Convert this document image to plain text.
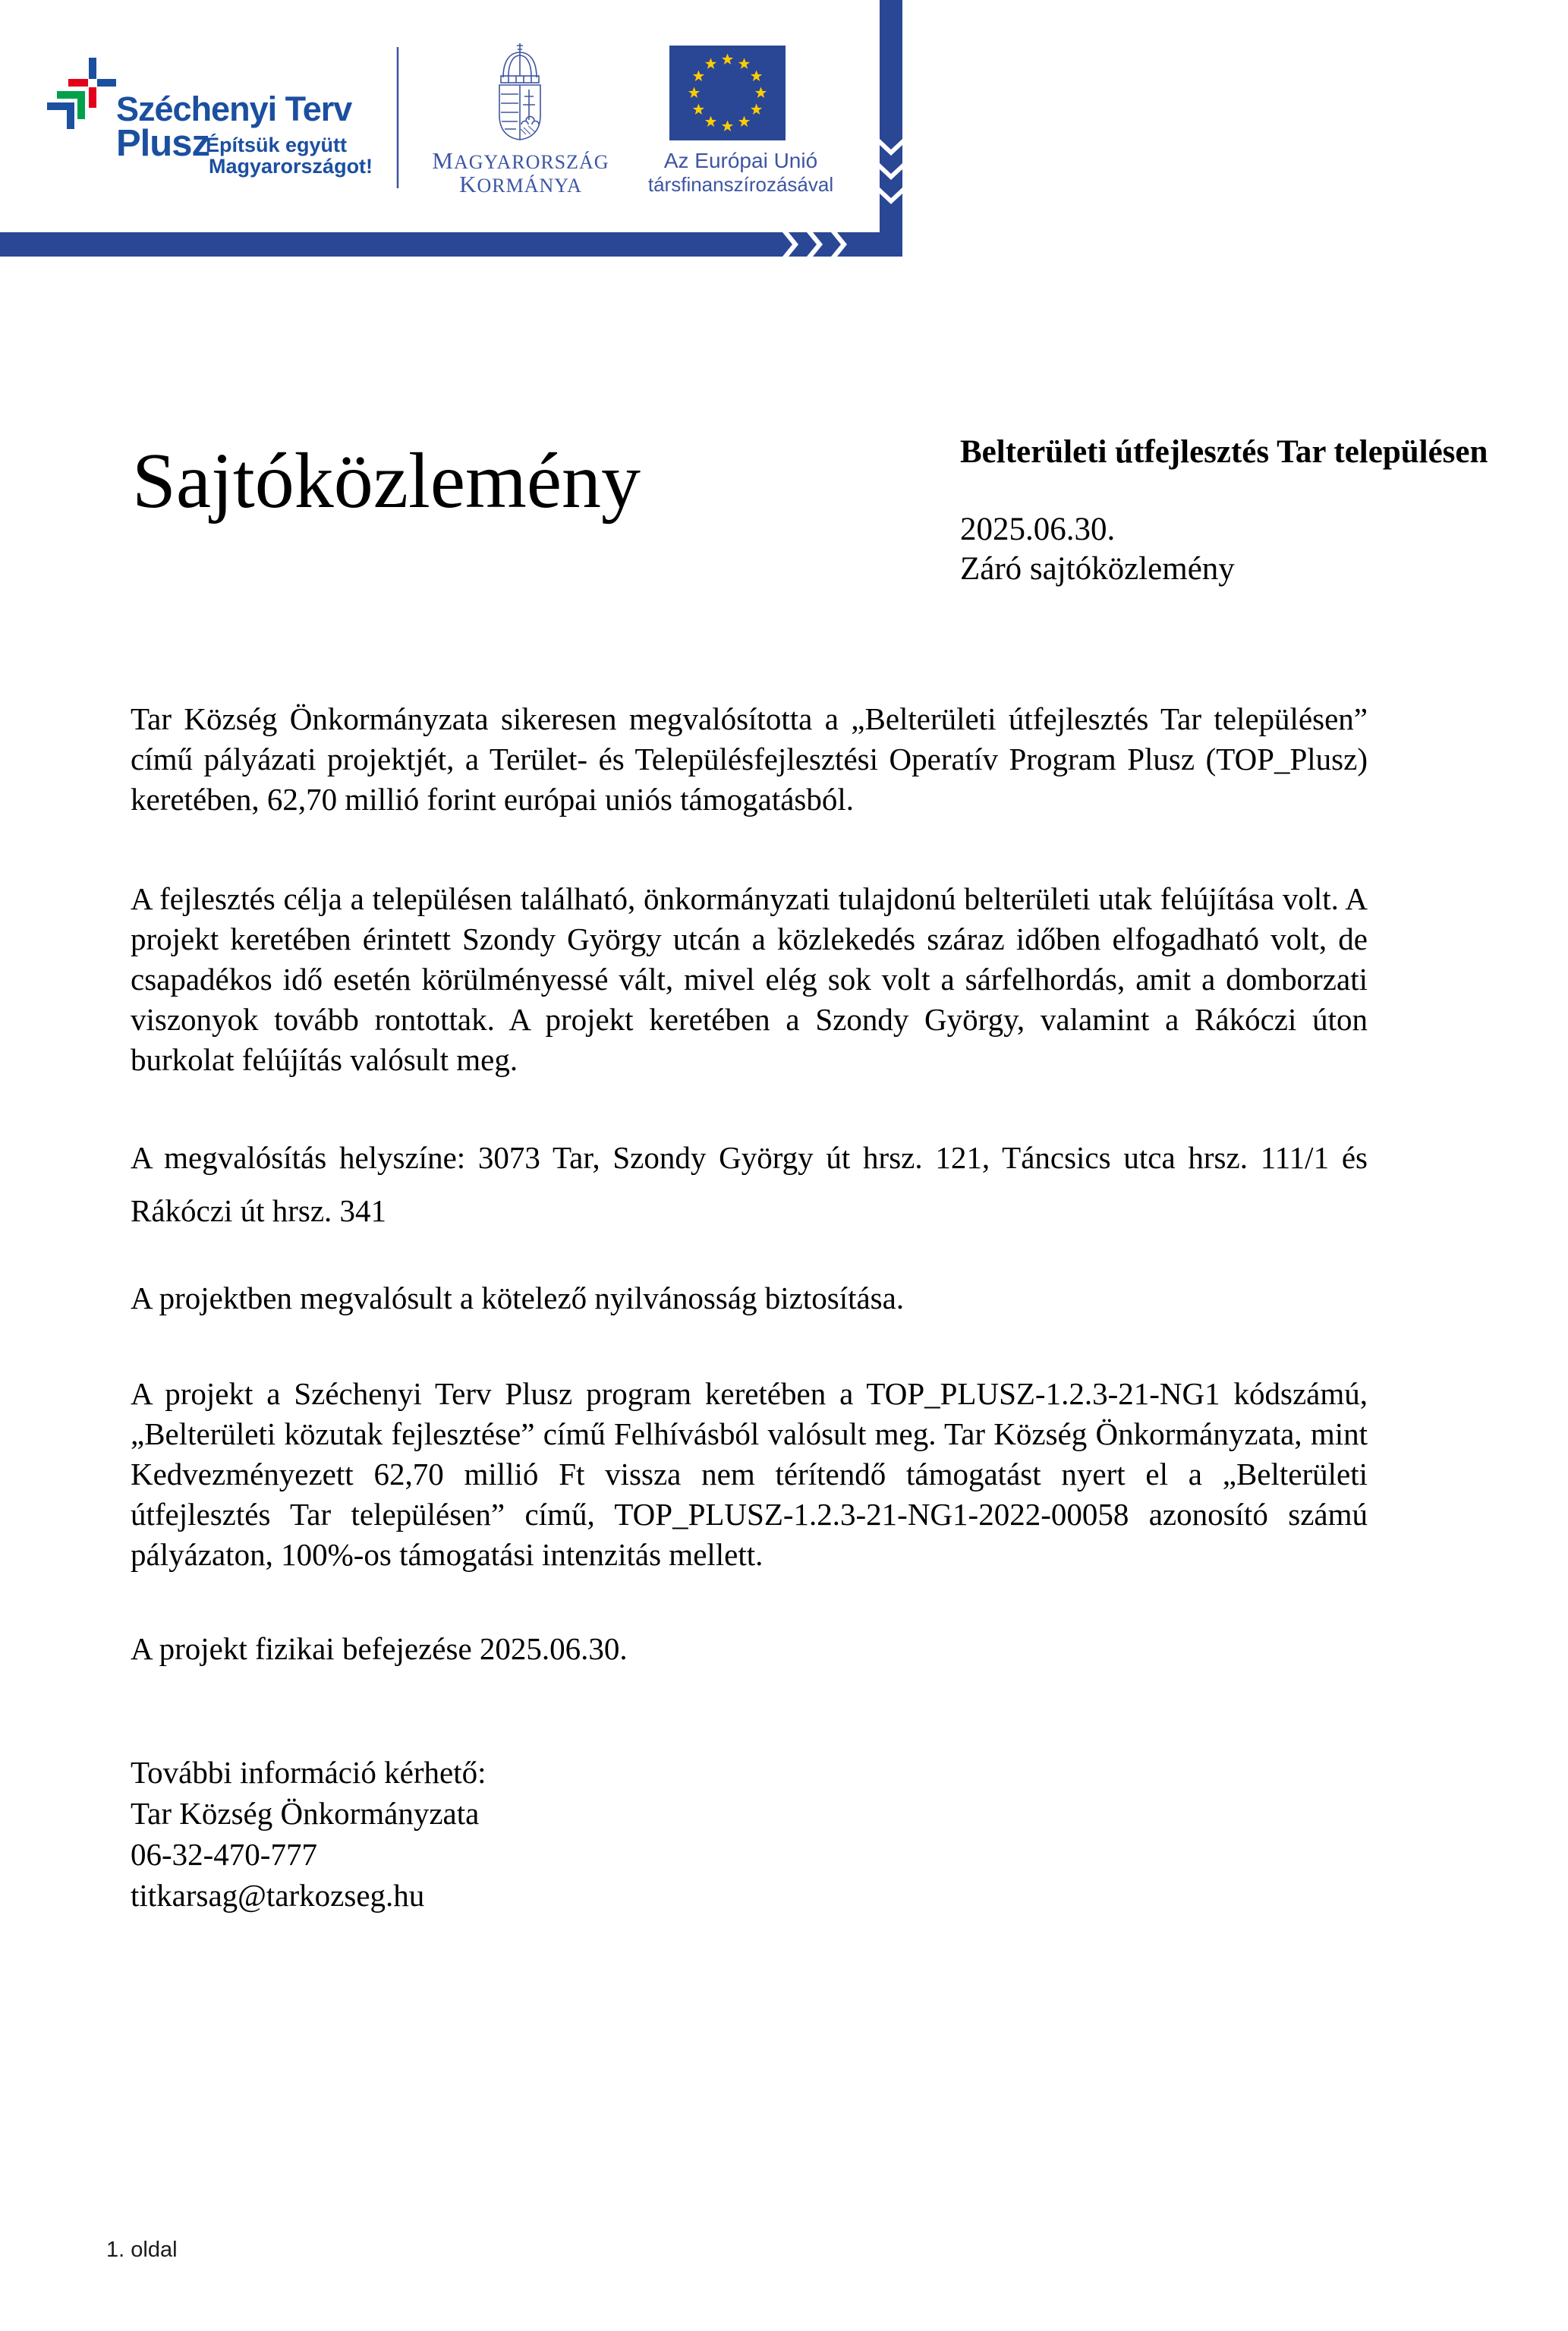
Széchenyi Terv
Plusz
Építsük együtt
Magyarországot!	MAGYARORSZÁG
KORMÁNYA
Az Európai Unió
társfinanszírozásával
Sajtóközlemény	Belterületi útfejlesztés Tar településen
2025.06.30.
Záró sajtóközlemény

Tar Község Önkormányzata sikeresen megvalósította a „Belterületi útfejlesztés Tar településen” című pályázati projektjét, a Terület- és Településfejlesztési Operatív Program Plusz (TOP_Plusz) keretében, 62,70 millió forint európai uniós támogatásból.

A fejlesztés célja a településen található, önkormányzati tulajdonú belterületi utak felújítása volt. A projekt keretében érintett Szondy György utcán a közlekedés száraz időben elfogadható volt, de csapadékos idő esetén körülményessé vált, mivel elég sok volt a sárfelhordás, amit a domborzati viszonyok tovább rontottak. A projekt keretében a Szondy György, valamint a Rákóczi úton burkolat felújítás valósult meg.

A megvalósítás helyszíne: 3073 Tar, Szondy György út hrsz. 121, Táncsics utca hrsz. 111/1 és Rákóczi út hrsz. 341

A projektben megvalósult a kötelező nyilvánosság biztosítása.

A projekt a Széchenyi Terv Plusz program keretében a TOP_PLUSZ-1.2.3-21-NG1 kódszámú, „Belterületi közutak fejlesztése” című Felhívásból valósult meg. Tar Község Önkormányzata, mint Kedvezményezett 62,70 millió Ft vissza nem térítendő támogatást nyert el a „Belterületi útfejlesztés Tar településen” című, TOP_PLUSZ-1.2.3-21-NG1-2022-00058 azonosító számú pályázaton, 100%-os támogatási intenzitás mellett.

A projekt fizikai befejezése 2025.06.30.

További információ kérhető:
Tar Község Önkormányzata
06-32-470-777
titkarsag@tarkozseg.hu
1. oldal
